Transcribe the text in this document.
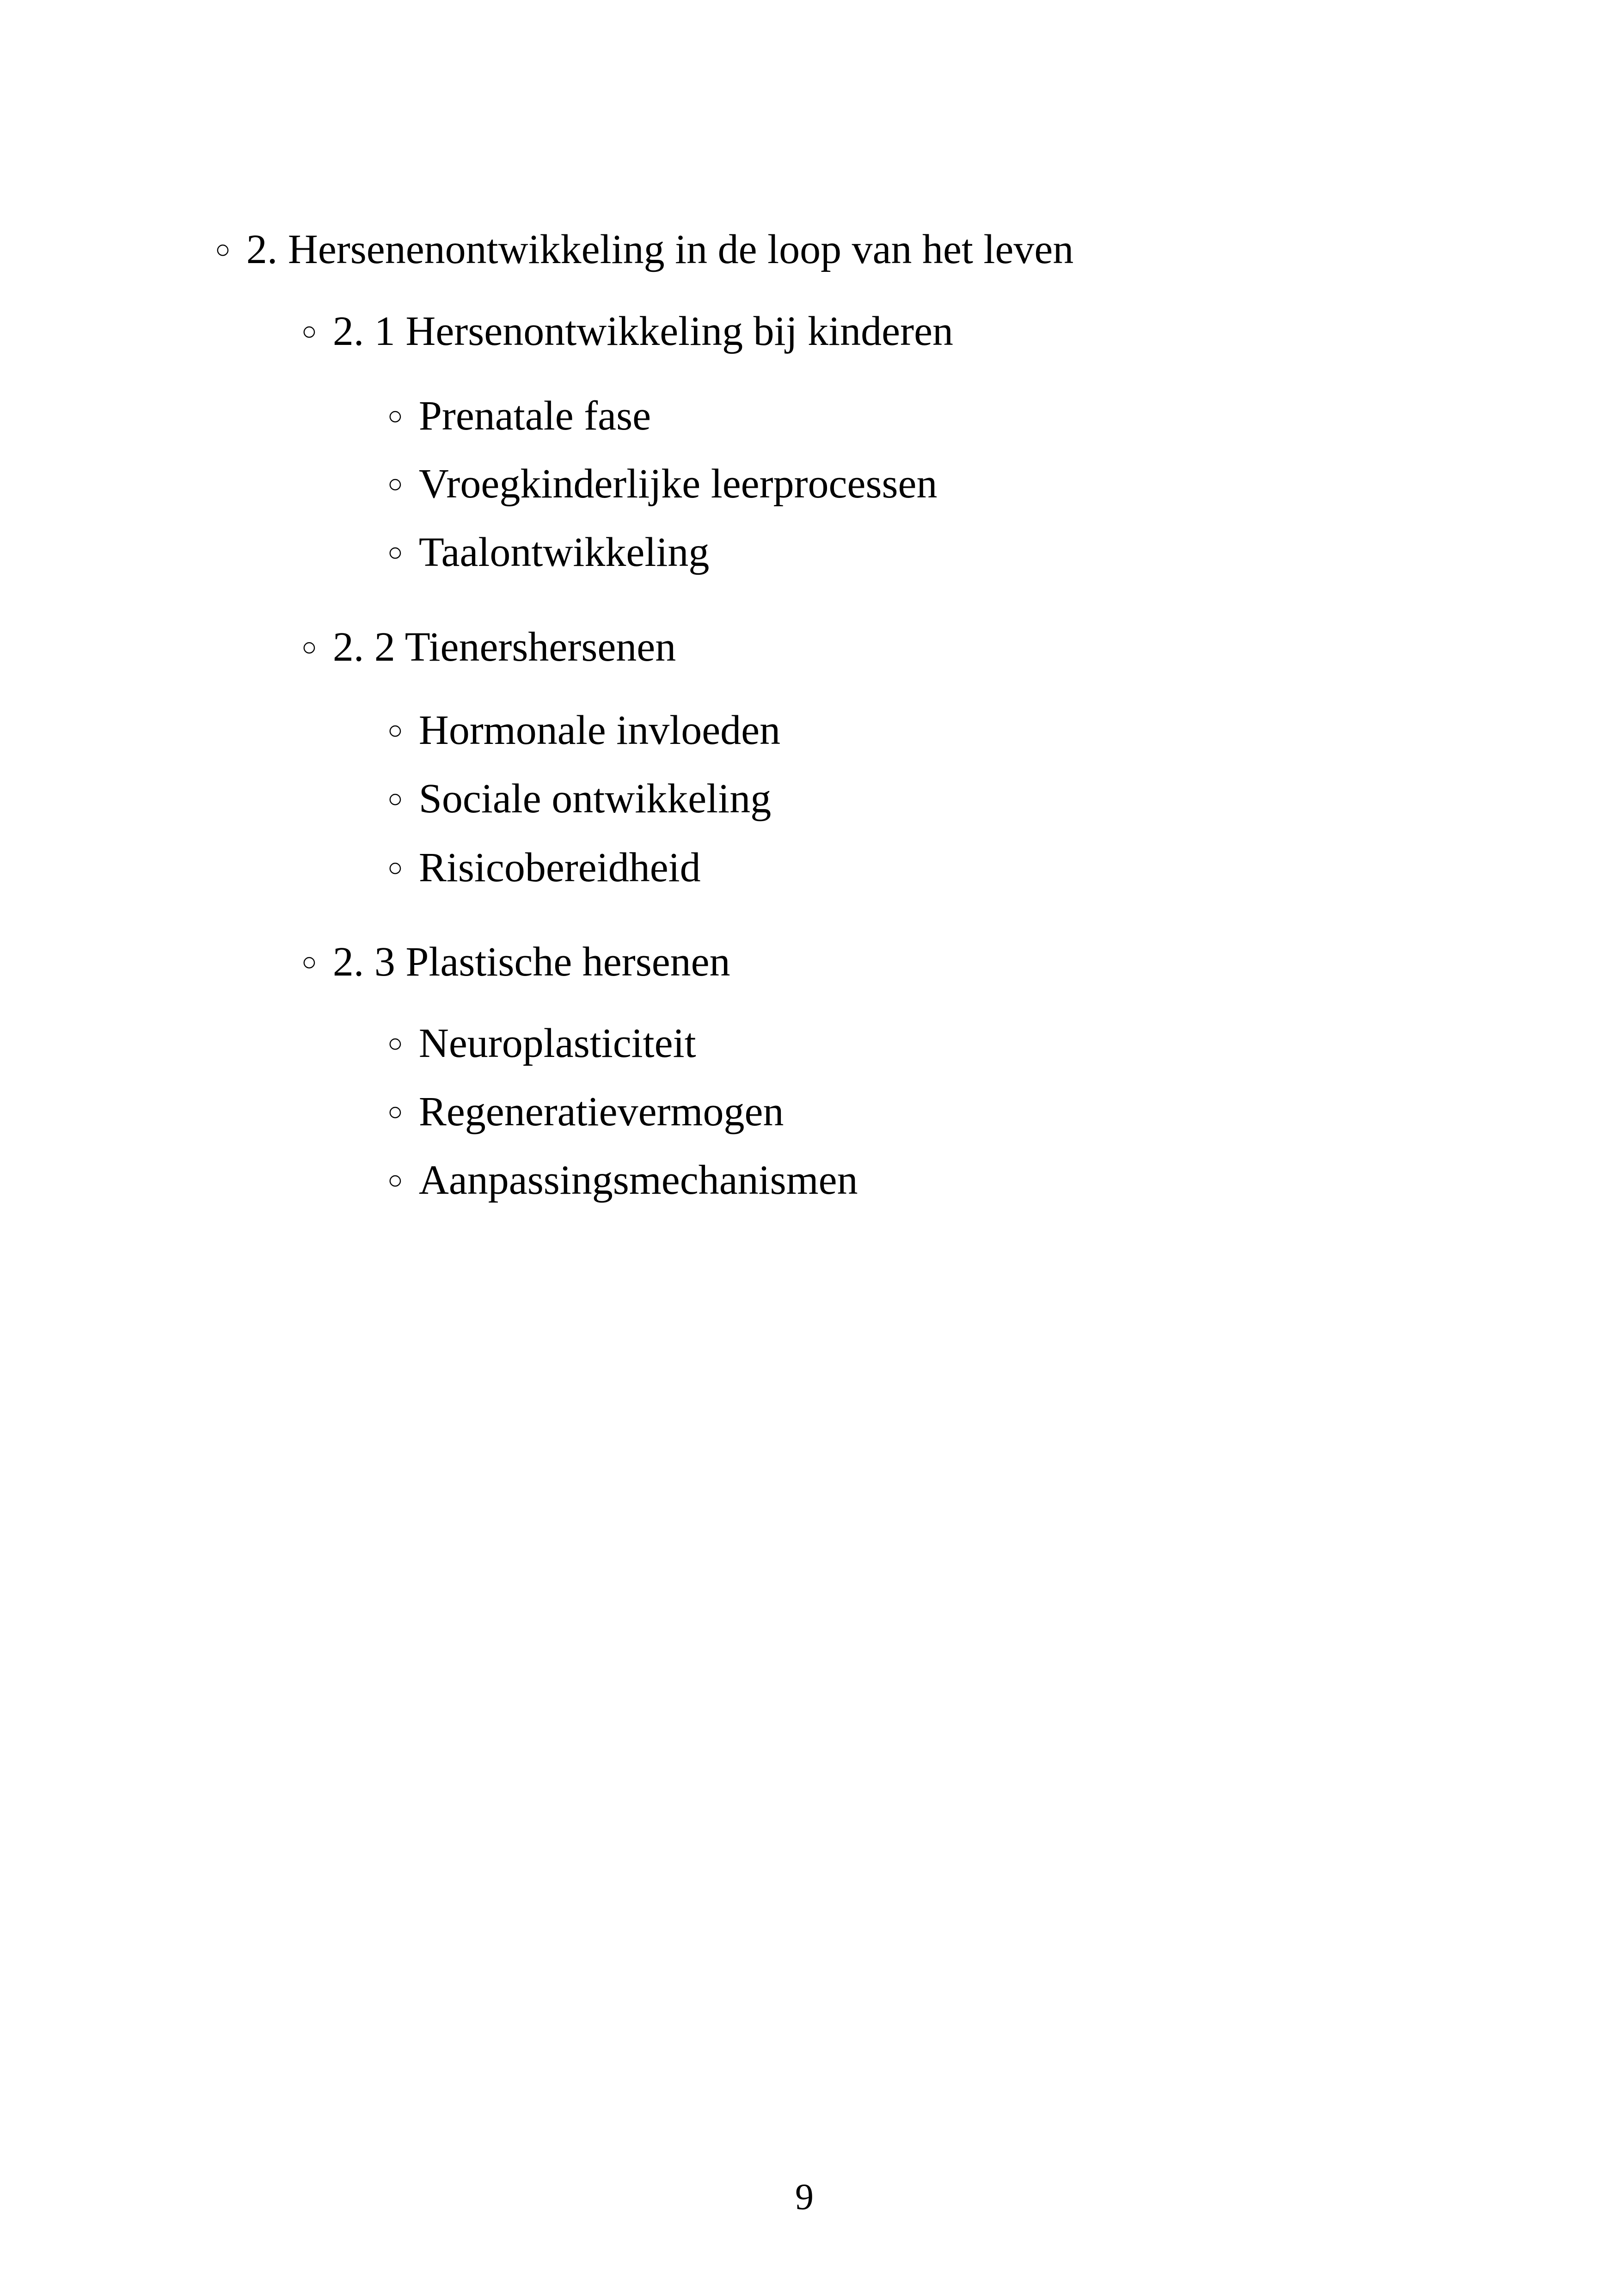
○ 2. Hersenenontwikkeling in de loop van het leven
○ 2. 1 Hersenontwikkeling bij kinderen
○ Prenatale fase
○ Vroegkinderlijke leerprocessen
○ Taalontwikkeling
○ 2. 2 Tienershersenen
○ Hormonale invloeden
○ Sociale ontwikkeling
○ Risicobereidheid
○ 2. 3 Plastische hersenen
○ Neuroplasticiteit
○ Regeneratievermogen
○ Aanpassingsmechanismen
9
